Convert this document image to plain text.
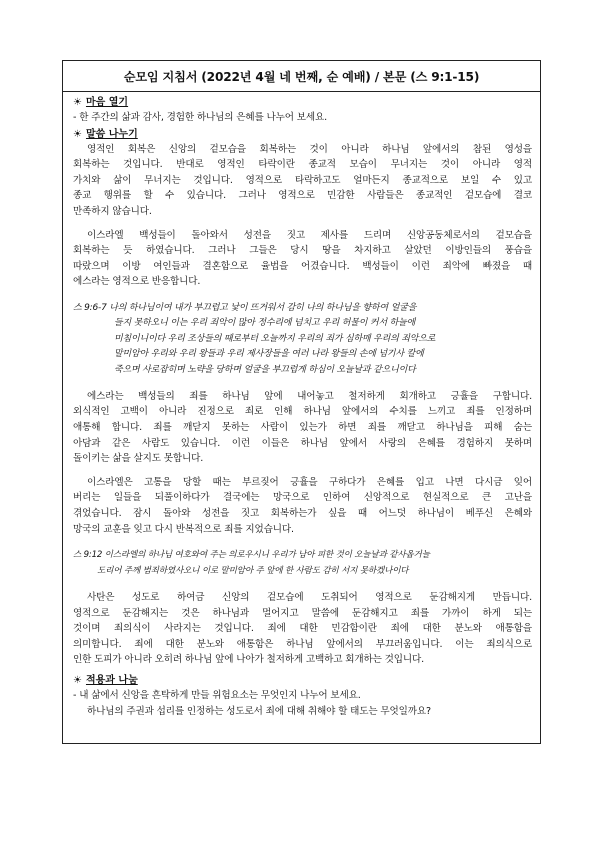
순모임 지침서 (2022년 4월 네 번째, 순 예배) / 본문 (스 9:1-15)
☀ 마음 열기
- 한 주간의 삶과 감사, 경험한 하나님의 은혜를 나누어 보세요.
☀ 말씀 나누기
영적인 회복은 신앙의 겉모습을 회복하는 것이 아니라 하나님 앞에서의 참된 영성을
회복하는 것입니다. 반대로 영적인 타락이란 종교적 모습이 무너지는 것이 아니라 영적
가치와 삶이 무너지는 것입니다. 영적으로 타락하고도 얼마든지 종교적으로 보일 수 있고
종교 행위를 할 수 있습니다. 그러나 영적으로 민감한 사람들은 종교적인 겉모습에 결코
만족하지 않습니다.
이스라엘 백성들이 돌아와서 성전을 짓고 제사를 드리며 신앙공동체로서의 겉모습을
회복하는 듯 하였습니다. 그러나 그들은 당시 땅을 차지하고 살았던 이방인들의 풍습을
따랐으며 이방 여인들과 결혼함으로 율법을 어겼습니다. 백성들이 이런 죄악에 빠졌을 때
에스라는 영적으로 반응합니다.
스 9:6-7 나의 하나님이여 내가 부끄럽고 낯이 뜨거워서 감히 나의 하나님을 향하여 얼굴을
들지 못하오니 이는 우리 죄악이 많아 정수리에 넘치고 우리 허물이 커서 하늘에
미침이니이다 우리 조상들의 때로부터 오늘까지 우리의 죄가 심하매 우리의 죄악으로
말미암아 우리와 우리 왕들과 우리 제사장들을 여러 나라 왕들의 손에 넘기사 칼에
죽으며 사로잡히며 노략을 당하며 얼굴을 부끄럽게 하심이 오늘날과 같으니이다
에스라는 백성들의 죄를 하나님 앞에 내어놓고 철저하게 회개하고 긍휼을 구합니다.
외식적인 고백이 아니라 진정으로 죄로 인해 하나님 앞에서의 수치를 느끼고 죄를 인정하며
애통해 합니다. 죄를 깨닫지 못하는 사람이 있는가 하면 죄를 깨닫고 하나님을 피해 숨는
아담과 같은 사람도 있습니다. 이런 이들은 하나님 앞에서 사랑의 은혜를 경험하지 못하며
돌이키는 삶을 살지도 못합니다.
이스라엘은 고통을 당할 때는 부르짖어 긍휼을 구하다가 은혜를 입고 나면 다시금 잊어
버리는 일들을 되풀이하다가 결국에는 망국으로 인하여 신앙적으로 현실적으로 큰 고난을
겪었습니다. 잠시 돌아와 성전을 짓고 회복하는가 싶을 때 어느덧 하나님이 베푸신 은혜와
망국의 교훈을 잊고 다시 반복적으로 죄를 지었습니다.
스 9:12 이스라엘의 하나님 여호와여 주는 의로우시니 우리가 남아 피한 것이 오늘날과 같사옵거늘
도리어 주께 범죄하였사오니 이로 말미암아 주 앞에 한 사람도 감히 서지 못하겠나이다
사탄은 성도로 하여금 신앙의 겉모습에 도취되어 영적으로 둔감해지게 만듭니다.
영적으로 둔감해지는 것은 하나님과 멀어지고 말씀에 둔감해지고 죄를 가까이 하게 되는
것이며 죄의식이 사라지는 것입니다. 죄에 대한 민감함이란 죄에 대한 분노와 애통함을
의미합니다. 죄에 대한 분노와 애통함은 하나님 앞에서의 부끄러움입니다. 이는 죄의식으로
인한 도피가 아니라 오히려 하나님 앞에 나아가 철저하게 고백하고 회개하는 것입니다.
☀ 적용과 나눔
- 내 삶에서 신앙을 흔탁하게 만들 위험요소는 무엇인지 나누어 보세요.
하나님의 주권과 섭리를 인정하는 성도로서 죄에 대해 취해야 할 태도는 무엇일까요?
